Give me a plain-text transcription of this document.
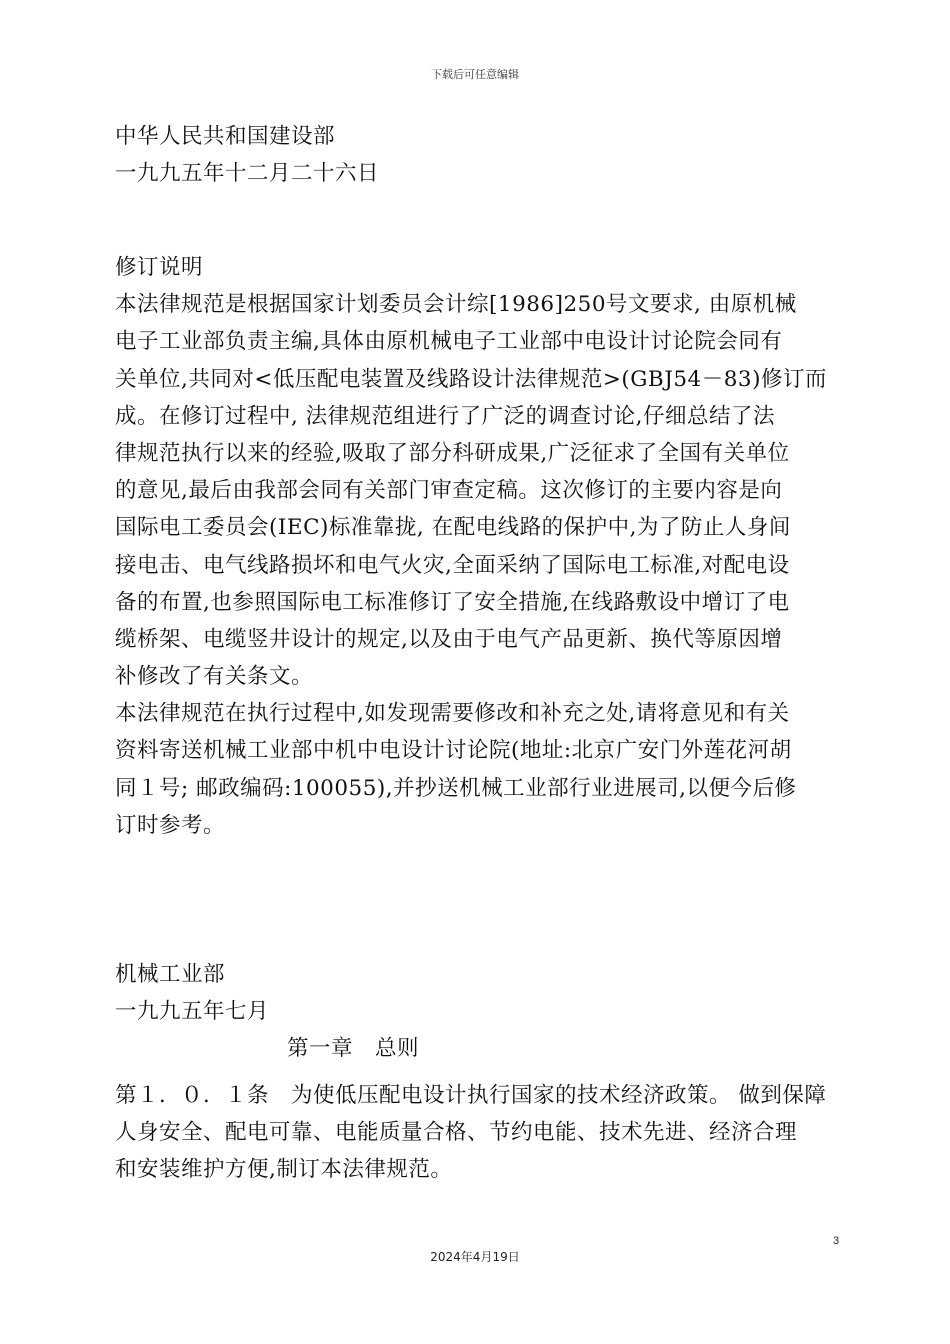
下载后可任意编辑
中华人民共和国建设部
一九九五年十二月二十六日
修订说明
本法律规范是根据国家计划委员会计综[1986]250号文要求, 由原机械
电子工业部负责主编,具体由原机械电子工业部中电设计讨论院会同有
关单位,共同对<低压配电装置及线路设计法律规范>(GBJ54－83)修订而
成。在修订过程中, 法律规范组进行了广泛的调查讨论,仔细总结了法
律规范执行以来的经验,吸取了部分科研成果,广泛征求了全国有关单位
的意见,最后由我部会同有关部门审查定稿。这次修订的主要内容是向
国际电工委员会(IEC)标准靠拢, 在配电线路的保护中,为了防止人身间
接电击、电气线路损坏和电气火灾,全面采纳了国际电工标准,对配电设
备的布置,也参照国际电工标准修订了安全措施,在线路敷设中增订了电
缆桥架、电缆竖井设计的规定,以及由于电气产品更新、换代等原因增
补修改了有关条文。
本法律规范在执行过程中,如发现需要修改和补充之处,请将意见和有关
资料寄送机械工业部中机中电设计讨论院(地址:北京广安门外莲花河胡
同１号; 邮政编码:100055),并抄送机械工业部行业进展司,以便今后修
订时参考。
机械工业部
一九九五年七月
第一章　总则
第１．０．１条　为使低压配电设计执行国家的技术经济政策。 做到保障
人身安全、配电可靠、电能质量合格、节约电能、技术先进、经济合理
和安装维护方便,制订本法律规范。
3
2024年4月19日
